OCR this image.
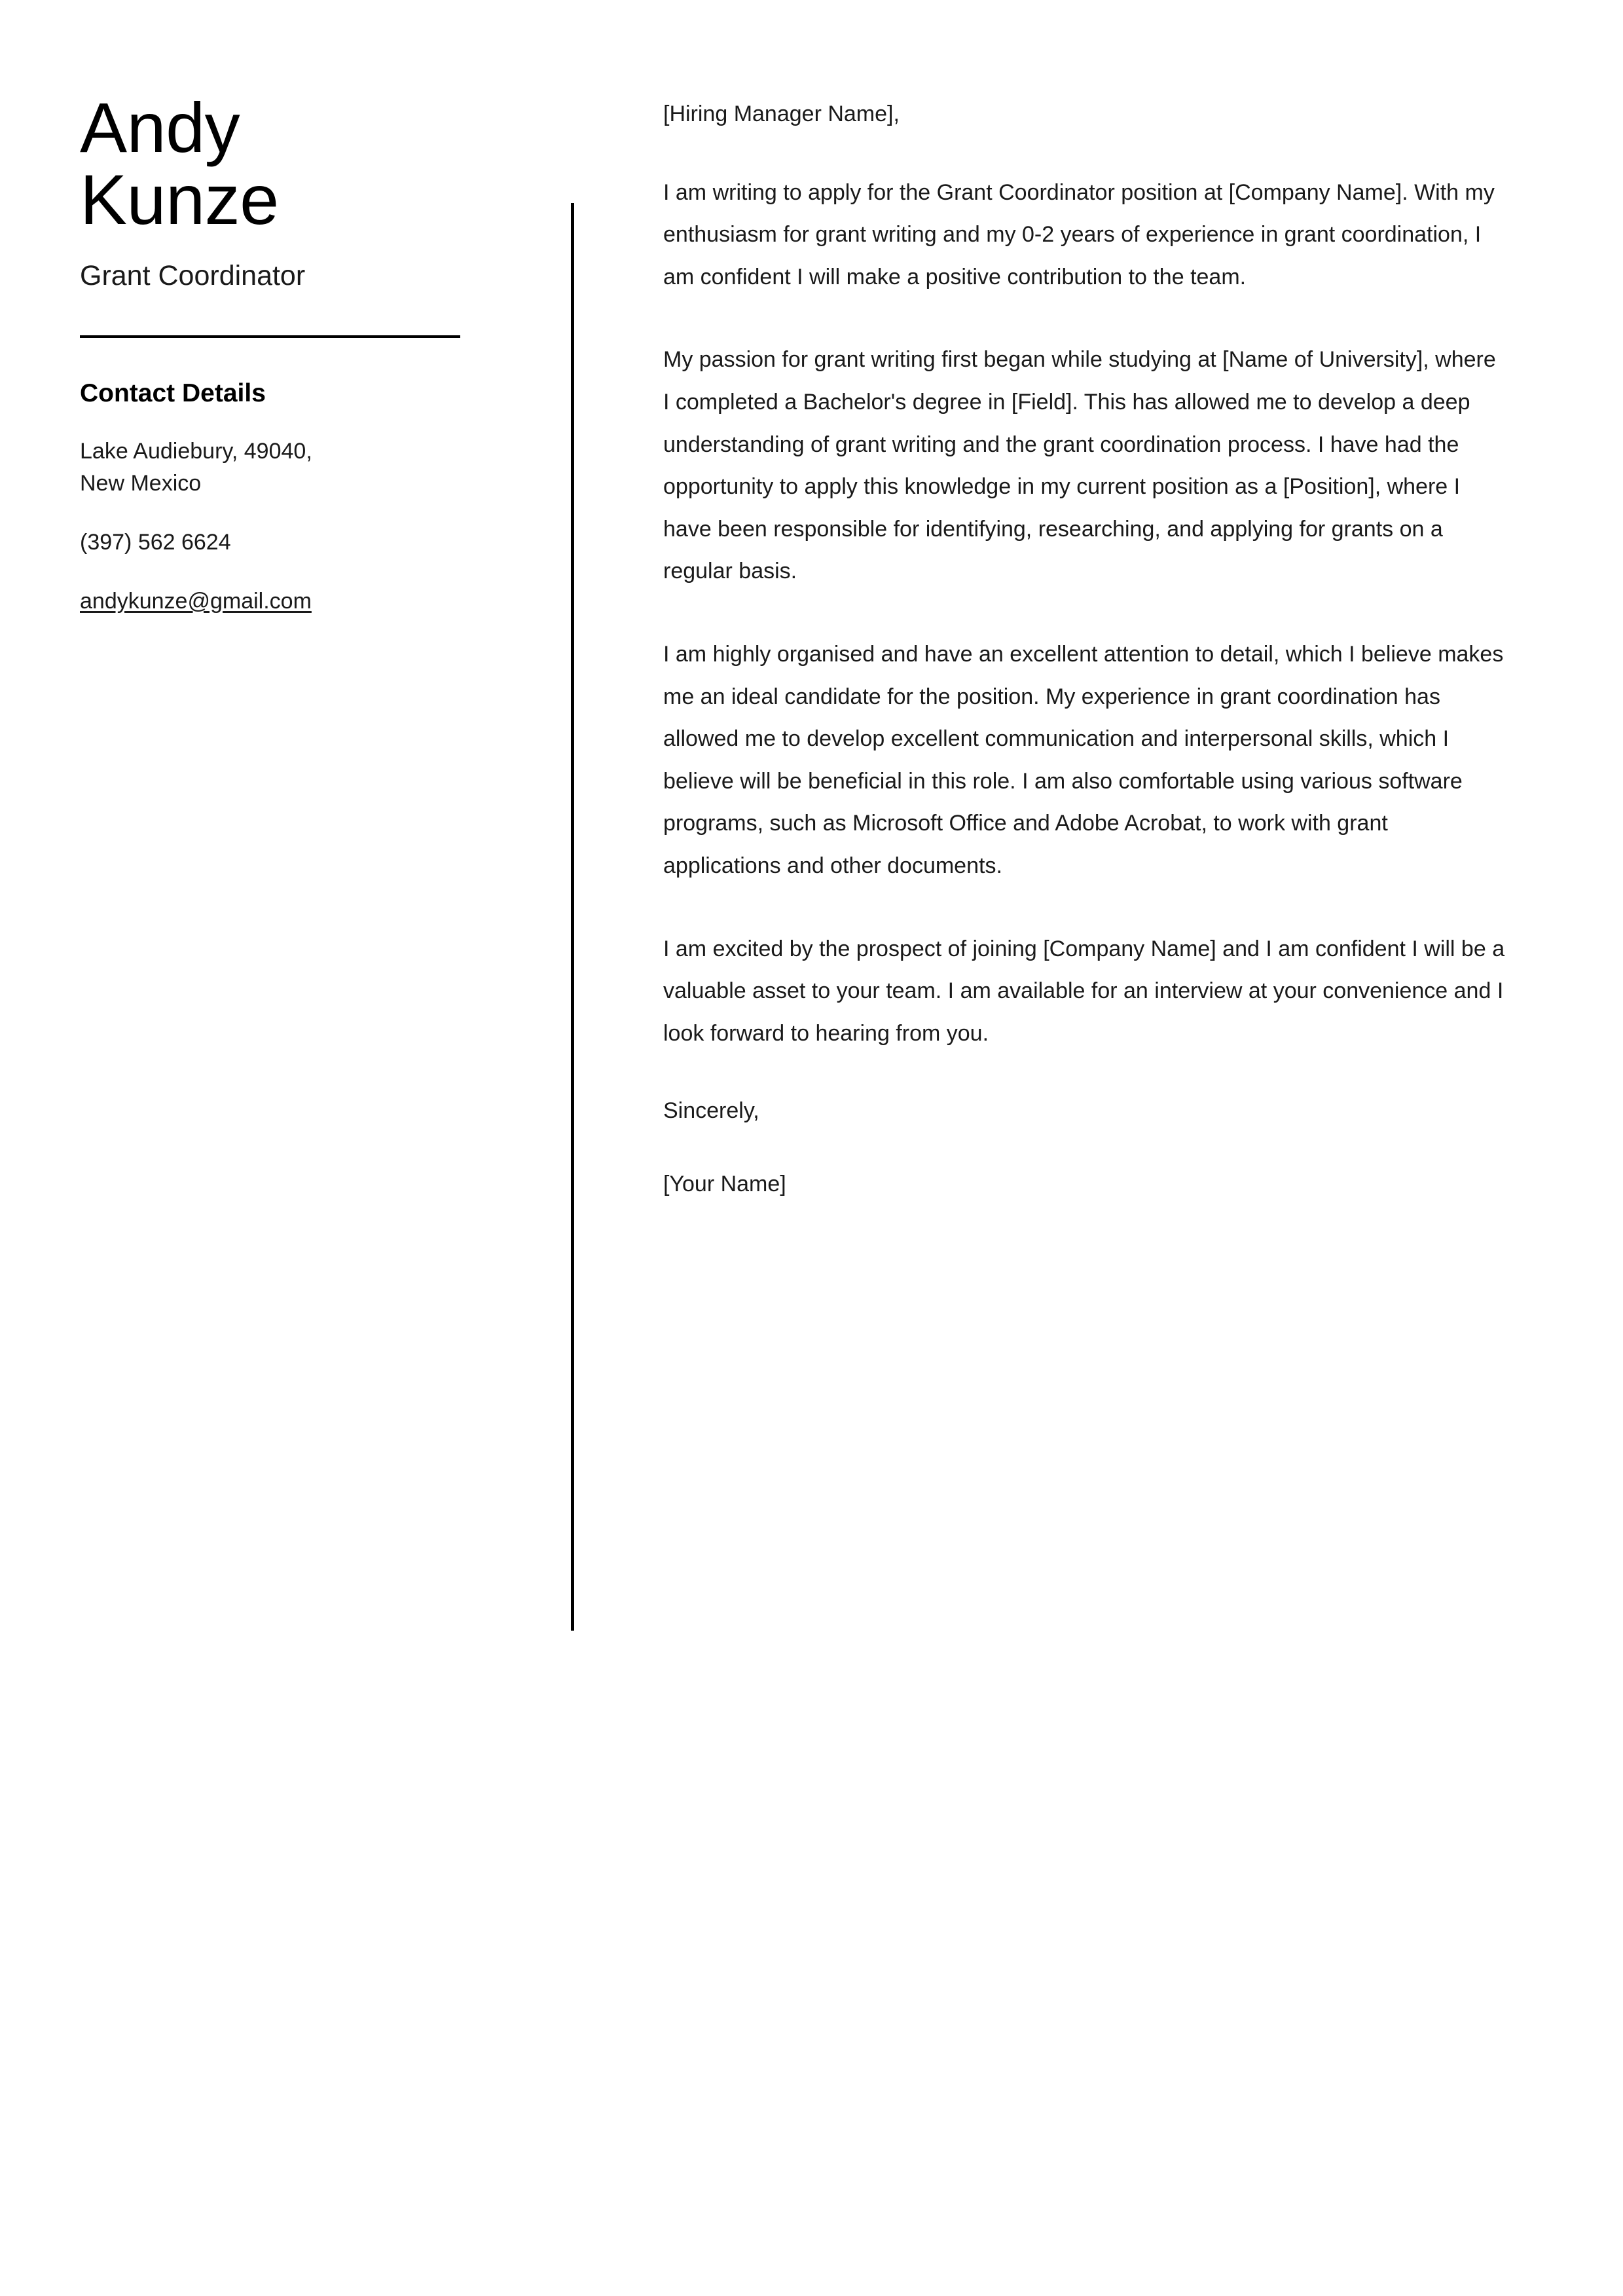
Andy
Kunze
Grant Coordinator
Contact Details
Lake Audiebury, 49040, New Mexico
(397) 562 6624
andykunze@gmail.com

[Hiring Manager Name],

I am writing to apply for the Grant Coordinator position at [Company Name]. With my enthusiasm for grant writing and my 0-2 years of experience in grant coordination, I am confident I will make a positive contribution to the team.

My passion for grant writing first began while studying at [Name of University], where I completed a Bachelor's degree in [Field]. This has allowed me to develop a deep understanding of grant writing and the grant coordination process. I have had the opportunity to apply this knowledge in my current position as a [Position], where I have been responsible for identifying, researching, and applying for grants on a regular basis.

I am highly organised and have an excellent attention to detail, which I believe makes me an ideal candidate for the position. My experience in grant coordination has allowed me to develop excellent communication and interpersonal skills, which I believe will be beneficial in this role. I am also comfortable using various software programs, such as Microsoft Office and Adobe Acrobat, to work with grant applications and other documents.

I am excited by the prospect of joining [Company Name] and I am confident I will be a valuable asset to your team. I am available for an interview at your convenience and I look forward to hearing from you.

Sincerely,

[Your Name]
